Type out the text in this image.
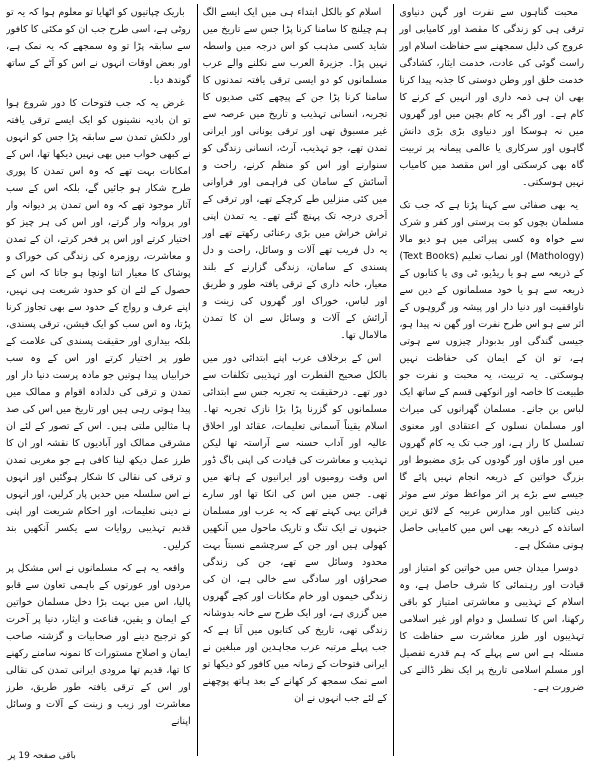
محبت گناہوں سے نفرت اور گہن دنیاوی ترقی ہی کو زندگی کا مقصد اور کامیابی اور عروج کی دلیل سمجھنے سے حفاظت اسلام اور راست گوئی کی عادت، خدمت ایثار، کشادگی خدمت خلق اور وطن دوستی کا جذبہ پیدا کرنا بھی ان ہی ذمہ داری اور انہیں کے کرنے کا کام ہے۔ اور اگر یہ کام بچپن میں اور گھروں میں نہ ہوسکا اور دنیاوی بڑی بڑی دانش گاہوں اور سرکاری یا عالمی پیمانہ پر تربیت گاہ بھی کرسکتی اور اس مقصد میں کامیاب نہیں ہوسکتی۔

یہ بھی صفائی سے کہنا پڑتا ہے کہ جب تک مسلمان بچوں کو بت پرستی اور کفر و شرک سے خواہ وہ کسی پیرائی میں ہو دیو مالا (Mathology) اور نصاب تعلیم (Text Books) کے ذریعہ سے ہو یا ریڈیو، ٹی وی یا کتابوں کے ذریعہ سے ہو یا خود مسلمانوں کے دین سے ناواقفیت اور دنیا دار اور پیشہ ور گروہوں کے اثر سے ہو اس طرح نفرت اور گھن نہ پیدا ہو، جیسی گندگی اور بدبودار چیزوں سے ہوتی ہے، تو ان کے ایمان کی حفاظت نہیں ہوسکتی۔ یہ تربیت، یہ محبت و نفرت جو طبیعت کا خاصہ اور انوکھی قسم کے ساتھ ایک لباس بن جانے۔ مسلمان گھرانوں کی میراث اور مسلمان نسلوں کے اعتقادی اور معنوی تسلسل کا راز ہے، اور جب تک یہ کام گھروں میں اور ماؤں اور گودوں کی بڑی مضبوط اور بزرگ خواتین کے ذریعہ انجام نہیں پائے گا جیسے سے بڑے پر اثر مواعظ موثر سے موثر دینی کتابیں اور مدارس عربیہ کے لائق ترین اساتذہ کے ذریعہ بھی اس میں کامیابی حاصل ہونی مشکل ہے۔

دوسرا میدان جس میں خواتین کو امتیاز اور قیادت اور رہنمائی کا شرف حاصل ہے، وہ اسلام کے تہذیبی و معاشرتی امتیاز کو باقی رکھنا، اس کا تسلسل و دوام اور غیر اسلامی تہذیبوں اور طرز معاشرت سے حفاظت کا مسئلہ ہے اس سے پہلے کہ ہم قدرے تفصیل اور مسلم اسلامی تاریخ پر ایک نظر ڈالنے کی ضرورت ہے۔

اسلام کو بالکل ابتداء ہی میں ایک ایسے الگ ہم چیلنج کا سامنا کرنا پڑا جس سے تاریخ میں شاید کسی مذہب کو اس درجہ میں واسطہ نہیں پڑا۔ جزیرۃ العرب سے نکلنے والے عرب مسلمانوں کو دو ایسی ترقی یافتہ تمدنوں کا سامنا کرنا پڑا جن کے پیچھے کئی صدیوں کا تجربہ، انسانی تہذیب و تاریخ میں عرصہ سے غیر مسبوق تھی اور ترقی یونانی اور ایرانی تمدن تھے، جو تہذیب، آرٹ، انسانی زندگی کو سنوارنے اور اس کو منظم کرنے، راحت و آسائش کے سامان کی فراہمی اور فراوانی میں کئی منزلیں طے کرچکے تھے، اور ترقی کے آخری درجہ تک پہنچ گئے تھے۔ یہ تمدن اپنی تراش خراش میں بڑی رعنائی رکھتے تھے اور یہ دل فریب تھے آلات و وسائل، راحت و دل پسندی کے سامان، زندگی گزارنے کے بلند معیار، خانہ داری کے ترقی یافتہ طور و طریق اور لباس، خوراک اور گھروں کی زینت و آرائش کے آلات و وسائل سے ان کا تمدن مالامال تھا۔

اس کے برخلاف عرب اپنے ابتدائی دور میں بالکل صحیح الفطرت اور تہذیبی تکلفات سے دور تھے۔ درحقیقت یہ تجربہ جس سے ابتدائی مسلمانوں کو گزرنا پڑا بڑا نازک تجربہ تھا۔ اسلام یقیناً آسمانی تعلیمات، عقائد اور اخلاق عالیہ اور آداب حسنہ سے آراستہ تھا لیکن تہذیب و معاشرت کی قیادت کی اپنی باگ ڈور اس وقت رومیوں اور ایرانیوں کے ہاتھ میں تھی۔ جس میں اس کی انکا تھا اور سارے قرائن یہی کہتے تھے کہ یہ عرب اور مسلمان جنہوں نے ایک تنگ و تاریک ماحول میں آنکھیں کھولی ہیں اور جن کے سرچشمے نسبتاً بہت محدود وسائل سے تھے، جن کی زندگی صحراؤں اور سادگی سے خالی ہے، ان کی زندگی خیموں اور خام مکانات اور کچے گھروں میں گزری ہے، اور ایک طرح سے خانہ بدوشانہ زندگی تھی، تاریخ کی کتابوں میں آتا ہے کہ جب پہلے مرتبہ عرب مجاہدین اور مبلغین نے ایرانی فتوحات کے زمانہ میں کافور کو دیکھا تو اسے نمک سمجھ کر کھانے کے بعد ہاتھ پوچھنے کے لئے جب انہوں نے ان

باریک چپاتیوں کو اٹھایا تو معلوم ہوا کہ یہ تو روٹی ہے، اسی طرح جب ان کو مکئی کا کافور سے سابقہ پڑا تو وہ سمجھے کہ یہ نمک ہے، اور بعض اوقات انہوں نے اس کو آٹے کے ساتھ گوندھ دیا۔

غرض یہ کہ جب فتوحات کا دور شروع ہوا تو ان بادیہ نشینوں کو ایک ایسے ترقی یافتہ اور دلکش تمدن سے سابقہ پڑا جس کو انہوں نے کبھی خواب میں بھی نہیں دیکھا تھا، اس کے امکانات بہت تھے کہ وہ اس تمدن کا پوری طرح شکار ہو جائیں گے، بلکہ اس کے سب آثار موجود تھے کہ وہ اس تمدن پر دیوانہ وار اور پروانہ وار گرتے، اور اس کی ہر چیز کو اختیار کرتے اور اس پر فخر کرتے، ان کے تمدن و معاشرت، روزمرہ کی زندگی کی خوراک و پوشاک کا معیار اتنا اونچا ہو جاتا کہ اس کے حصول کے لئے ان کو حدود شریعت ہی نہیں، اپنے عرف و رواج کے حدود سے بھی تجاوز کرنا پڑتا، وہ اس سب کو ایک فیشن، ترقی پسندی، بلکہ بیداری اور حقیقت پسندی کی علامت کے طور پر اختیار کرتے اور اس کے وہ سب خرابیاں پیدا ہوتیں جو مادہ پرست دنیا دار اور تمدن و ترقی کی دلدادہ اقوام و ممالک میں پیدا ہوتی رہی ہیں اور تاریخ میں اس کی صد ہا مثالیں ملتی ہیں۔ اس کے تصور کے لئے ان مشرقی ممالک اور آبادیوں کا نقشہ اور ان کا طرز عمل دیکھ لینا کافی ہے جو مغربی تمدن و ترقی کی نقالی کا شکار ہوگئیں اور انہوں نے اس سلسلہ میں حدیں پار کرلیں، اور انہوں نے دینی تعلیمات، اور احکام شریعت اور اپنی قدیم تہذیبی روایات سے یکسر آنکھیں بند کرلیں۔

واقعہ یہ ہے کہ مسلمانوں نے اس مشکل پر مردوں اور عورتوں کے باہمی تعاون سے قابو پالیا، اس میں بہت بڑا دخل مسلمان خواتین کے ایمان و یقین، قناعت و ایثار، دنیا پر آخرت کو ترجیح دینے اور صحابیات و گزشتہ صاحب ایمان و اصلاح مستورات کا نمونہ سامنے رکھنے کا تھا، قدیم تھا مرودی ایرانی تمدن کی نقالی اور اس کے ترقی یافتہ طور طریق، طرز معاشرت اور زیب و زینت کے آلات و وسائل اپنانے

باقی صفحہ 19 پر
